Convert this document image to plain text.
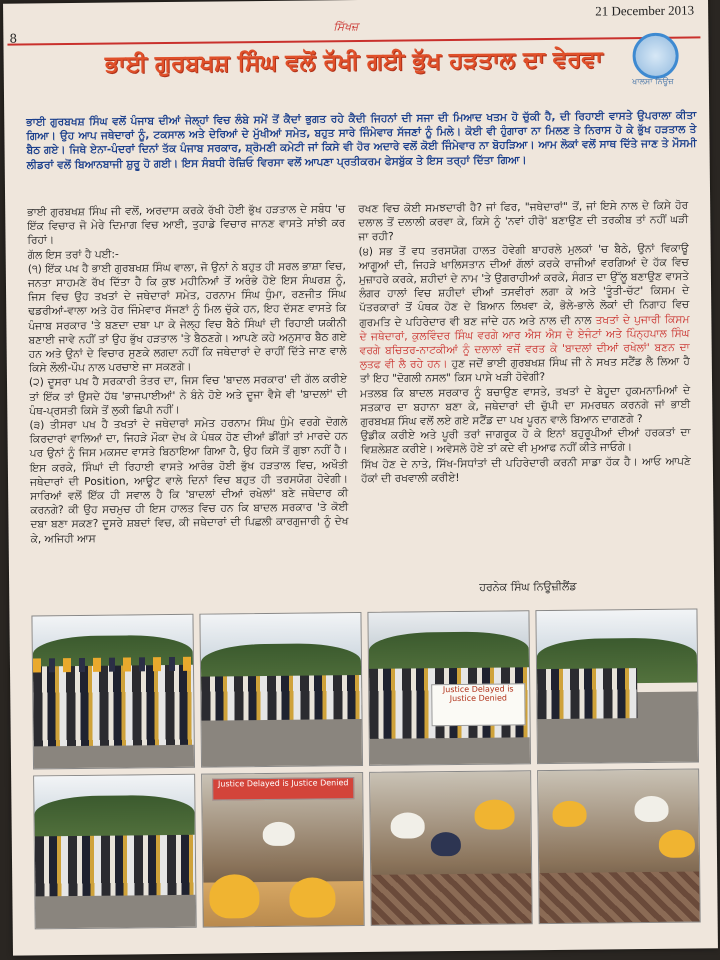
8
ਸਿੱਖਜ਼
21 December 2013
ਖਾਲਸਾ ਨਿਊਜ਼
ਭਾਈ ਗੁਰਬਖਸ਼ ਸਿੰਘ ਵਲੋਂ ਰੱਖੀ ਗਈ ਭੁੱਖ ਹੜਤਾਲ ਦਾ ਵੇਰਵਾ
ਭਾਈ ਗੁਰਬਖਸ਼ ਸਿੰਘ ਵਲੋਂ ਪੰਜਾਬ ਦੀਆਂ ਜੇਲ੍ਹਾਂ ਵਿਚ ਲੰਬੇ ਸਮੇਂ ਤੋਂ ਕੈਦਾਂ ਭੁਗਤ ਰਹੇ ਕੈਦੀ ਜਿਹਨਾਂ ਦੀ ਸਜਾ ਦੀ ਮਿਆਦ ਖਤਮ ਹੋ ਚੁੱਕੀ ਹੈ, ਦੀ ਰਿਹਾਈ ਵਾਸਤੇ ਉਪਰਾਲਾ ਕੀਤਾ ਗਿਆ। ਉਹ ਆਪ ਜਥੇਦਾਰਾਂ ਨੂੰ, ਟਕਸਾਲ ਅਤੇ ਦੇਰਿਆਂ ਦੇ ਮੁੱਖੀਆਂ ਸਮੇਤ, ਬਹੁਤ ਸਾਰੇ ਜਿੰਮੇਵਾਰ ਸੱਜਣਾਂ ਨੂੰ ਮਿਲੇ। ਕੋਈ ਵੀ ਹੁੰਗਾਰਾ ਨਾ ਮਿਲਣ ਤੇ ਨਿਰਾਸ ਹੋ ਕੇ ਭੁੱਖ ਹੜਤਾਲ ਤੇ ਬੈਠ ਗਏ। ਜਿਥੇ ਏਨਾ-ਪੰਦਰਾਂ ਦਿਨਾਂ ਤੱਕ ਪੰਜਾਬ ਸਰਕਾਰ, ਸ਼੍ਰੋਮਣੀ ਕਮੇਟੀ ਜਾਂ ਕਿਸੇ ਵੀ ਹੋਰ ਅਦਾਰੇ ਵਲੋਂ ਕੋਈ ਜਿੰਮੇਵਾਰ ਨਾ ਬੋਹੜਿਆ। ਆਮ ਲੋਕਾਂ ਵਲੋਂ ਸਾਥ ਦਿੱਤੇ ਜਾਣ ਤੇ ਮੌਸਮੀ ਲੀਡਰਾਂ ਵਲੋਂ ਬਿਆਨਬਾਜੀ ਸ਼ੁਰੂ ਹੋ ਗਈ। ਇਸ ਸੰਬਧੀ ਰੋਜ਼ਿਓ ਵਿਰਸਾ ਵਲੋਂ ਆਪਣਾ ਪ੍ਰਤੀਕਰਮ ਫੇਸਬੁੱਕ ਤੇ ਇਸ ਤਰ੍ਹਾਂ ਦਿੱਤਾ ਗਿਆ।

ਭਾਈ ਗੁਰਬਖਸ਼ ਸਿੰਘ ਜੀ ਵਲੋਂ, ਅਰਦਾਸ ਕਰਕੇ ਰੱਖੀ ਹੋਈ ਭੁੱਖ ਹੜਤਾਲ ਦੇ ਸਬੰਧ 'ਚ ਇੱਕ ਵਿਚਾਰ ਜੋ ਮੇਰੇ ਦਿਮਾਗ ਵਿਚ ਆਈ, ਤੁਹਾਡੇ ਵਿਚਾਰ ਜਾਨਣ ਵਾਸਤੇ ਸਾਂਝੀ ਕਰ ਰਿਹਾਂ।

ਗੱਲ ਇਸ ਤਰਾਂ ਹੈ ਪਈ:-

(੧) ਇੱਕ ਪਖ ਹੈ ਭਾਈ ਗੁਰਬਖਸ਼ ਸਿੰਘ ਵਾਲਾ, ਜੋ ਉਨਾਂ ਨੇ ਬਹੁਤ ਹੀ ਸਰਲ ਭਾਸ਼ਾ ਵਿਚ, ਜਨਤਾ ਸਾਹਮਣੇ ਰੱਖ ਦਿੱਤਾ ਹੈ ਕਿ ਕੁਝ ਮਹੀਨਿਆਂ ਤੋਂ ਅਰੰਭੇ ਹੋਏ ਇਸ ਸੰਘਰਸ਼ ਨੂੰ, ਜਿਸ ਵਿਚ ਉਹ ਤਖਤਾਂ ਦੇ ਜਥੇਦਾਰਾਂ ਸਮੇਤ, ਹਰਨਾਮ ਸਿੰਘ ਧੁੰਮਾ, ਰਣਜੀਤ ਸਿੰਘ ਢਡਰੀਆਂ-ਵਾਲਾ ਅਤੇ ਹੋਰ ਜਿੰਮੇਵਾਰ ਸੱਜਣਾਂ ਨੂੰ ਮਿਲ ਚੁੱਕੇ ਹਨ, ਇਹ ਦੱਸਣ ਵਾਸਤੇ ਕਿ ਪੰਜਾਬ ਸਰਕਾਰ 'ਤੇ ਬਣਦਾ ਦਬਾ ਪਾ ਕੇ ਜੇਲ੍ਹ ਵਿਚ ਬੈਠੇ ਸਿੰਘਾਂ ਦੀ ਰਿਹਾਈ ਯਕੀਨੀ ਬਣਾਈ ਜਾਵੇ ਨਹੀਂ ਤਾਂ ਉਹ ਭੁੱਖ ਹੜਤਾਲ 'ਤੇ ਬੈਠਣਗੇ। ਆਪਣੇ ਕਹੇ ਅਨੁਸਾਰ ਬੈਠ ਗਏ ਹਨ ਅਤੇ ਉਨਾਂ ਦੇ ਵਿਚਾਰ ਸੁਣਕੇ ਲਗਦਾ ਨਹੀਂ ਕਿ ਜਥੇਦਾਰਾਂ ਦੇ ਰਾਹੀਂ ਦਿੱਤੇ ਜਾਣ ਵਾਲੇ ਕਿਸੇ ਲੌਲੀ-ਪੌਪ ਨਾਲ ਪਰਚਾਏ ਜਾ ਸਕਣਗੇ।

(੨) ਦੂਸਰਾ ਪਖ ਹੈ ਸਰਕਾਰੀ ਤੰਤਰ ਦਾ, ਜਿਸ ਵਿਚ 'ਬਾਦਲ ਸਰਕਾਰ' ਦੀ ਗੱਲ ਕਰੀਏ ਤਾਂ ਇੱਕ ਤਾਂ ਉਸਦੇ ਹੱਥ 'ਭਾਜਪਾਈਆਂ' ਨੇ ਬੰਨੇ ਹੋਏ ਅਤੇ ਦੂਜਾ ਵੈਸੇ ਵੀ 'ਬਾਦਲਾਂ' ਦੀ ਪੰਥ-ਪ੍ਰਸਤੀ ਕਿਸੇ ਤੋਂ ਲੁਕੀ ਛਿਪੀ ਨਹੀਂ।

(੩) ਤੀਸਰਾ ਪਖ ਹੈ ਤਖਤਾਂ ਦੇ ਜਥੇਦਾਰਾਂ ਸਮੇਤ ਹਰਨਾਮ ਸਿੰਘ ਧੁੰਮੇ ਵਰਗੇ ਦੋਗਲੇ ਕਿਰਦਾਰਾਂ ਵਾਲਿਆਂ ਦਾ, ਜਿਹੜੇ ਮੌਕਾ ਦੇਖ ਕੇ ਪੰਥਕ ਹੋਣ ਦੀਆਂ ਡੀਂਗਾਂ ਤਾਂ ਮਾਰਦੇ ਹਨ ਪਰ ਉਨਾਂ ਨੂੰ ਜਿਸ ਮਕਸਦ ਵਾਸਤੇ ਬਿਠਾਇਆ ਗਿਆ ਹੈ, ਉਹ ਕਿਸੇ ਤੋਂ ਗੁਝਾ ਨਹੀਂ ਹੈ। ਇਸ ਕਰਕੇ, ਸਿੰਘਾਂ ਦੀ ਰਿਹਾਈ ਵਾਸਤੇ ਆਰੰਭ ਹੋਈ ਭੁੱਖ ਹੜਤਾਲ ਵਿਚ, ਅਖੌਤੀ ਜਥੇਦਾਰਾਂ ਦੀ Position, ਆਊਟ ਵਾਲੇ ਦਿਨਾਂ ਵਿਚ ਬਹੁਤ ਹੀ ਤਰਸਯੋਗ ਹੋਵੇਗੀ। ਸਾਰਿਆਂ ਵਲੋਂ ਇੱਕ ਹੀ ਸਵਾਲ ਹੈ ਕਿ 'ਬਾਦਲਾਂ ਦੀਆਂ ਰਖੇਲਾਂ' ਬਣੇ ਜਥੇਦਾਰ ਕੀ ਕਰਨਗੇ? ਕੀ ਉਹ ਸਚਮੁਚ ਹੀ ਇਸ ਹਾਲਤ ਵਿਚ ਹਨ ਕਿ ਬਾਦਲ ਸਰਕਾਰ 'ਤੇ ਕੋਈ ਦਬਾ ਬਣਾ ਸਕਣ? ਦੂਸਰੇ ਸ਼ਬਦਾਂ ਵਿਚ, ਕੀ ਜਥੇਦਾਰਾਂ ਦੀ ਪਿਛਲੀ ਕਾਰਗੁਜਾਰੀ ਨੂੰ ਦੇਖ ਕੇ, ਅਜਿਹੀ ਆਸ

ਰਖਣ ਵਿਚ ਕੋਈ ਸਮਝਦਾਰੀ ਹੈ? ਜਾਂ ਫਿਰ, "ਜਥੇਦਾਰਾਂ" ਤੋਂ, ਜਾਂ ਇਸੇ ਨਾਲ ਦੇ ਕਿਸੇ ਹੋਰ ਦਲਾਲ ਤੋਂ ਦਲਾਲੀ ਕਰਵਾ ਕੇ, ਕਿਸੇ ਨੂੰ 'ਨਵਾਂ ਹੀਰੋ' ਬਣਾਉਣ ਦੀ ਤਰਕੀਬ ਤਾਂ ਨਹੀਂ ਘੜੀ ਜਾ ਰਹੀ?

(੪) ਸਭ ਤੋਂ ਵਧ ਤਰਸਯੋਗ ਹਾਲਤ ਹੋਵੇਗੀ ਬਾਹਰਲੇ ਮੁਲਕਾਂ 'ਚ ਬੈਠੇ, ਉਨਾਂ ਵਿਕਾਊ ਆਗੂਆਂ ਦੀ, ਜਿਹੜੇ ਖਾਲਿਸਤਾਨ ਦੀਆਂ ਗੱਲਾਂ ਕਰਕੇ ਰਾਜੀਆਂ ਵਰਗਿਆਂ ਦੇ ਹੱਕ ਵਿਚ ਮੁਜ਼ਾਹਰੇ ਕਰਕੇ, ਸ਼ਹੀਦਾਂ ਦੇ ਨਾਮ 'ਤੇ ਉਗਰਾਹੀਆਂ ਕਰਕੇ, ਸੰਗਤ ਦਾ ਉੱਲੂ ਬਣਾਉਣ ਵਾਸਤੇ ਲੰਗਰ ਹਾਲਾਂ ਵਿਚ ਸ਼ਹੀਦਾਂ ਦੀਆਂ ਤਸਵੀਰਾਂ ਲਗਾ ਕੇ ਅਤੇ 'ਤੂੰਤੀ-ਚੱਟ' ਕਿਸਮ ਦੇ ਪੱਤਰਕਾਰਾਂ ਤੋਂ ਪੰਥਕ ਹੋਣ ਦੇ ਬਿਆਨ ਲਿਖਵਾ ਕੇ, ਭੋਲੇ-ਭਾਲੇ ਲੋਕਾਂ ਦੀ ਨਿਗਾਹ ਵਿਚ ਗੁਰਮਤਿ ਦੇ ਪਹਿਰੇਦਾਰ ਵੀ ਬਣ ਜਾਂਦੇ ਹਨ ਅਤੇ ਨਾਲ ਦੀ ਨਾਲ ਤਖਤਾਂ ਦੇ ਪੁਜਾਰੀ ਕਿਸਮ ਦੇ ਜਥੇਦਾਰਾਂ, ਕੁਲਵਿੰਦਰ ਸਿੰਘ ਵਰਗੇ ਆਰ ਐਸ ਐਸ ਦੇ ਏਜੰਟਾਂ ਅਤੇ ਪਿੰਨ੍ਹਪਾਲ ਸਿੰਘ ਵਰਗੇ ਬਚਿਤਰ-ਨਾਟਕੀਆਂ ਨੂੰ ਦਲਾਲਾਂ ਵਜੋਂ ਵਰਤ ਕੇ 'ਬਾਦਲਾਂ ਦੀਆਂ ਰਖੇਲਾਂ' ਬਣਨ ਦਾ ਲੁਤਫ ਵੀ ਲੈ ਰਹੇ ਹਨ। ਹੁਣ ਜਦੋਂ ਭਾਈ ਗੁਰਬਖਸ਼ ਸਿੰਘ ਜੀ ਨੇ ਸਖਤ ਸਟੈਂਡ ਲੈ ਲਿਆ ਹੈ ਤਾਂ ਇਹ "ਦੋਗਲੀ ਨਸਲ" ਕਿਸ ਪਾਸੇ ਖੜੀ ਹੋਵੇਗੀ?

ਮਤਲਬ ਕਿ ਬਾਦਲ ਸਰਕਾਰ ਨੂੰ ਬਚਾਉਣ ਵਾਸਤੇ, ਤਖਤਾਂ ਦੇ ਬੇਹੂਦਾ ਹੁਕਮਨਾਮਿਆਂ ਦੇ ਸਤਕਾਰ ਦਾ ਬਹਾਨਾ ਬਣਾ ਕੇ, ਜਥੇਦਾਰਾਂ ਦੀ ਚੁੱਪੀ ਦਾ ਸਮਰਥਨ ਕਰਨਗੇ ਜਾਂ ਭਾਈ ਗੁਰਬਖਸ਼ ਸਿੰਘ ਵਲੋਂ ਲਏ ਗਏ ਸਟੈਂਡ ਦਾ ਪਖ ਪੂਰਨ ਵਾਲੇ ਬਿਆਨ ਦਾਗਣਗੇ ?

ਉਡੀਕ ਕਰੀਏ ਅਤੇ ਪੂਰੀ ਤਰਾਂ ਜਾਗਰੂਕ ਹੋ ਕੇ ਇਨਾਂ ਬਹੁਰੂਪੀਆਂ ਦੀਆਂ ਹਰਕਤਾਂ ਦਾ ਵਿਸ਼ਲੇਸ਼ਣ ਕਰੀਏ। ਅਵੇਸਲੇ ਹੋਏ ਤਾਂ ਕਦੇ ਵੀ ਮੁਆਫ ਨਹੀਂ ਕੀਤੇ ਜਾਓਗੇ।

ਸਿੱਖ ਹੋਣ ਦੇ ਨਾਤੇ, ਸਿੱਖ-ਸਿਧਾਂਤਾਂ ਦੀ ਪਹਿਰੇਦਾਰੀ ਕਰਨੀ ਸਾਡਾ ਹੱਕ ਹੈ। ਆਓ ਆਪਣੇ ਹੱਕਾਂ ਦੀ ਰਖਵਾਲੀ ਕਰੀਏ!

ਹਰਨੇਕ ਸਿੰਘ ਨਿਊਜ਼ੀਲੈਂਡ
Justice Delayed is Justice Denied
Justice Delayed is Justice Denied
